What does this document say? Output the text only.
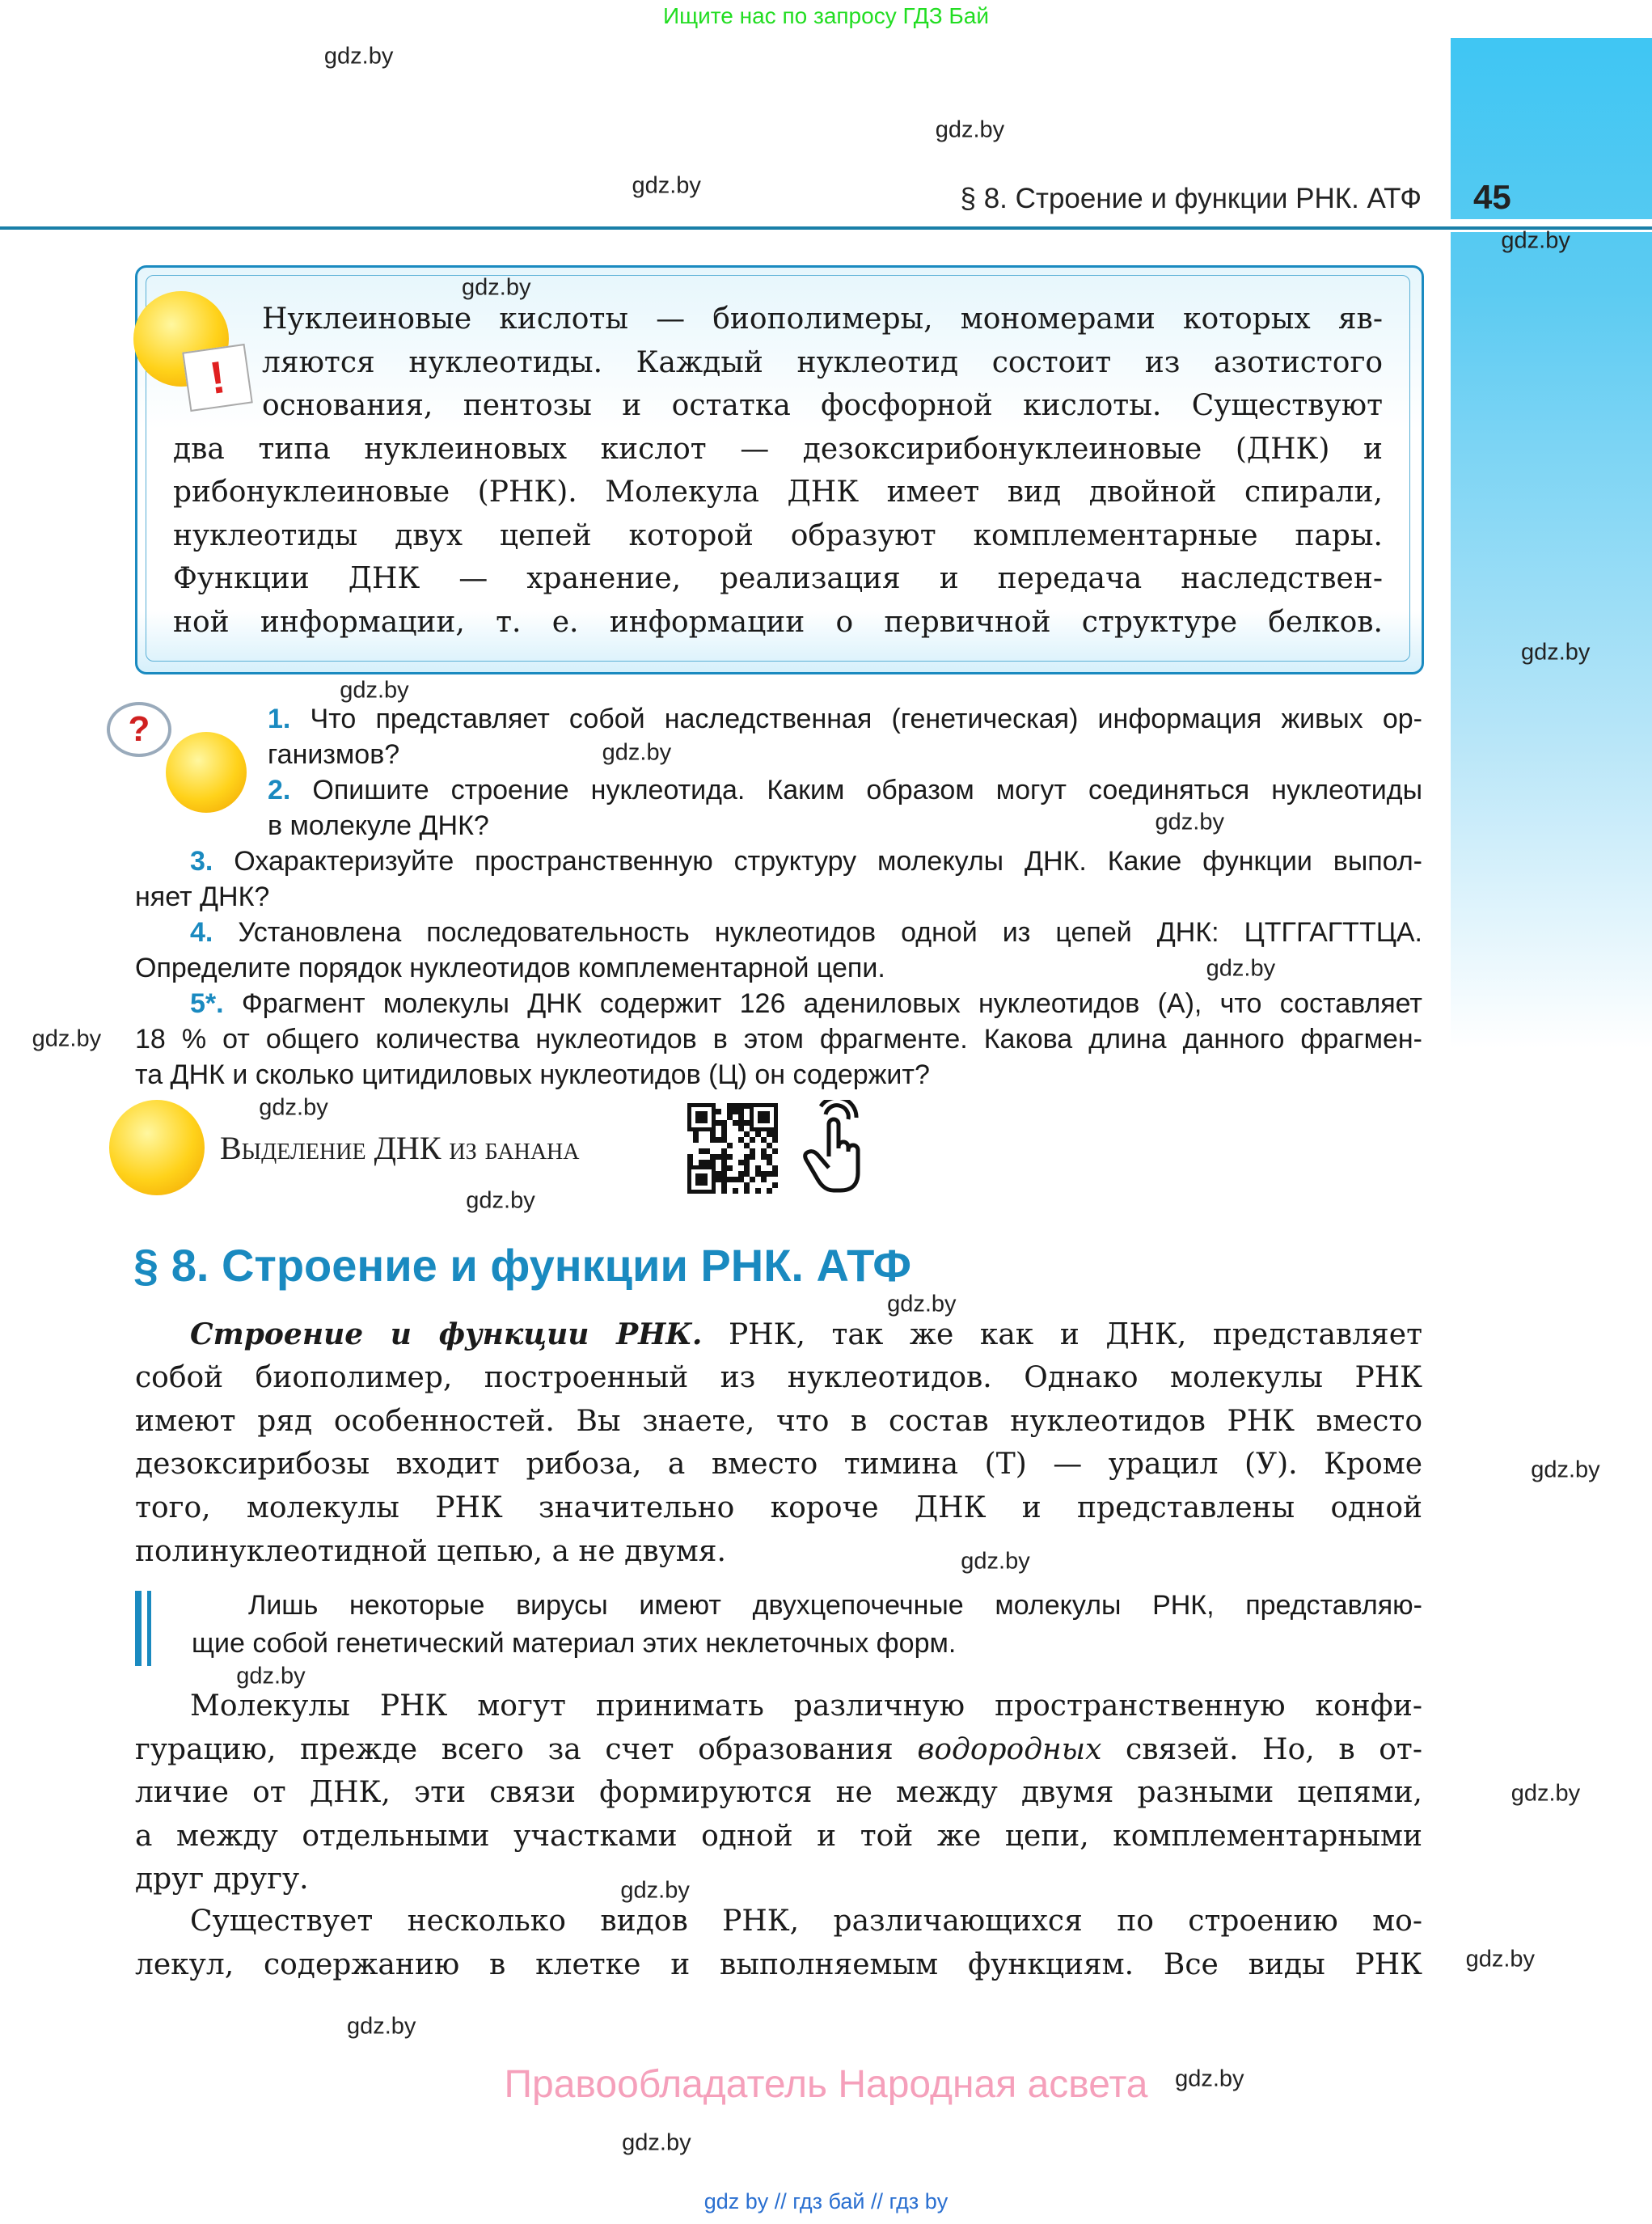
Ищите нас по запросу ГДЗ Бай
§ 8. Строение и функции РНК. АТФ 45
!
?
Выделение ДНК из банана
§ 8. Строение и функции РНК. АТФ
Правообладатель Народная асвета
gdz by // гдз бай // гдз by
Нуклеиновые кислоты — биополимеры, мономерами которых яв-
ляются нуклеотиды. Каждый нуклеотид состоит из азотистого
основания, пентозы и остатка фосфорной кислоты. Существуют
два типа нуклеиновых кислот — дезоксирибонуклеиновые (ДНК) и
рибонуклеиновые (РНК). Молекула ДНК имеет вид двойной спирали,
нуклеотиды двух цепей которой образуют комплементарные пары.
Функции ДНК — хранение, реализация и передача наследствен-
ной информации, т. е. информации о первичной структуре белков.
1. Что представляет собой наследственная (генетическая) информация живых ор-
ганизмов?
2. Опишите строение нуклеотида. Каким образом могут соединяться нуклеотиды
в молекуле ДНК?
3. Охарактеризуйте пространственную структуру молекулы ДНК. Какие функции выпол-
няет ДНК?
4. Установлена последовательность нуклеотидов одной из цепей ДНК: ЦТГГАГТТЦА.
Определите порядок нуклеотидов комплементарной цепи.
5*. Фрагмент молекулы ДНК содержит 126 адениловых нуклеотидов (А), что составляет
18 % от общего количества нуклеотидов в этом фрагменте. Какова длина данного фрагмен-
та ДНК и сколько цитидиловых нуклеотидов (Ц) он содержит?
Строение и функции РНК. РНК, так же как и ДНК, представляет
собой биополимер, построенный из нуклеотидов. Однако молекулы РНК
имеют ряд особенностей. Вы знаете, что в состав нуклеотидов РНК вместо
дезоксирибозы входит рибоза, а вместо тимина (Т) — урацил (У). Кроме
того, молекулы РНК значительно короче ДНК и представлены одной
полинуклеотидной цепью, а не двумя.
Лишь некоторые вирусы имеют двухцепочечные молекулы РНК, представляю-
щие собой генетический материал этих неклеточных форм.
Молекулы РНК могут принимать различную пространственную конфи-
гурацию, прежде всего за счет образования водородных связей. Но, в от-
личие от ДНК, эти связи формируются не между двумя разными цепями,
а между отдельными участками одной и той же цепи, комплементарными
друг другу.
Существует несколько видов РНК, различающихся по строению мо-
лекул, содержанию в клетке и выполняемым функциям. Все виды РНК
gdz.by
gdz.by
gdz.by
gdz.by
gdz.by
gdz.by
gdz.by
gdz.by
gdz.by
gdz.by
gdz.by
gdz.by
gdz.by
gdz.by
gdz.by
gdz.by
gdz.by
gdz.by
gdz.by
gdz.by
gdz.by
gdz.by
gdz.by
